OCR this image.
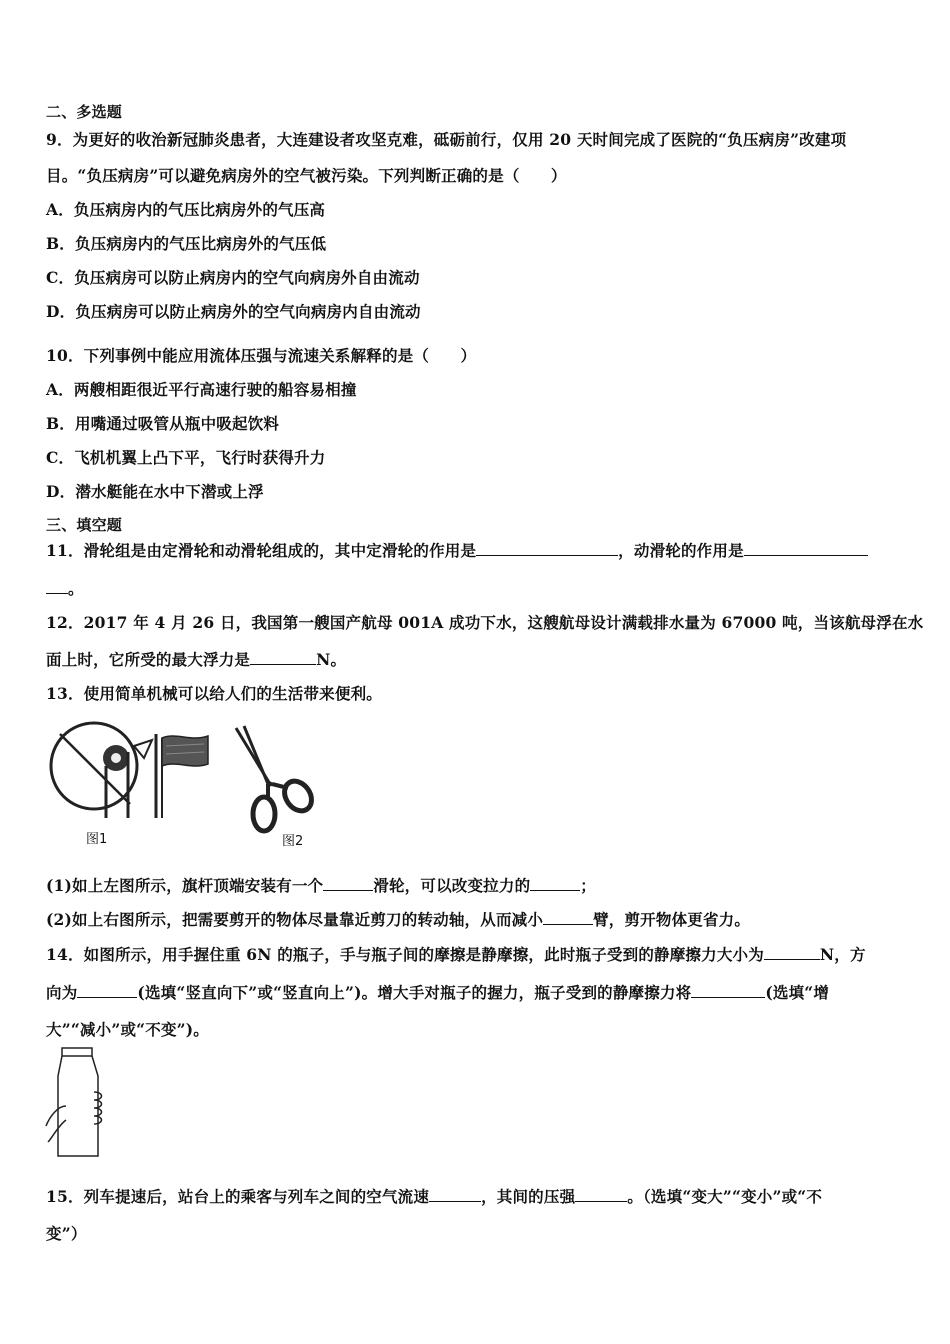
二、多选题
9．为更好的收治新冠肺炎患者，大连建设者攻坚克难，砥砺前行，仅用 20 天时间完成了医院的“负压病房”改建项
目。“负压病房”可以避免病房外的空气被污染。下列判断正确的是（　　）
A．负压病房内的气压比病房外的气压高
B．负压病房内的气压比病房外的气压低
C．负压病房可以防止病房内的空气向病房外自由流动
D．负压病房可以防止病房外的空气向病房内自由流动
10．下列事例中能应用流体压强与流速关系解释的是（　　）
A．两艘相距很近平行高速行驶的船容易相撞
B．用嘴通过吸管从瓶中吸起饮料
C．飞机机翼上凸下平，飞行时获得升力
D．潜水艇能在水中下潜或上浮
三、填空题
11．滑轮组是由定滑轮和动滑轮组成的，其中定滑轮的作用是	，动滑轮的作用是
。
12．2017 年 4 月 26 日，我国第一艘国产航母 001A 成功下水，这艘航母设计满载排水量为 67000 吨，当该航母浮在水
面上时，它所受的最大浮力是	N。
13．使用简单机械可以给人们的生活带来便利。
图1	图2
(1)如上左图所示，旗杆顶端安装有一个	滑轮，可以改变拉力的	；
(2)如上右图所示，把需要剪开的物体尽量靠近剪刀的转动轴，从而减小	臂，剪开物体更省力。
14．如图所示，用手握住重 6N 的瓶子，手与瓶子间的摩擦是静摩擦，此时瓶子受到的静摩擦力大小为	N，方
向为	(选填“竖直向下”或“竖直向上”)。增大手对瓶子的握力，瓶子受到的静摩擦力将	(选填“增
大”“减小”或“不变”)。
15．列车提速后，站台上的乘客与列车之间的空气流速	，其间的压强	。（选填“变大”“变小”或“不
变”）
